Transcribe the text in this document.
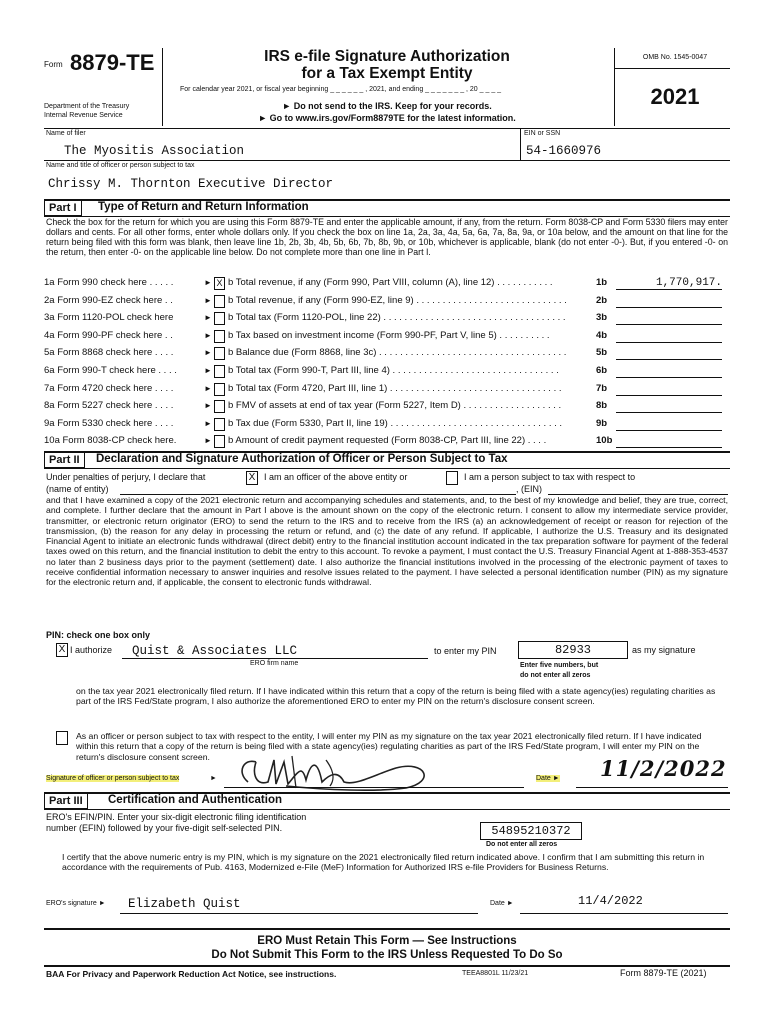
Form 8879-TE
Department of the Treasury
Internal Revenue Service
IRS e-file Signature Authorization
for a Tax Exempt Entity
For calendar year 2021, or fiscal year beginning _ _ _ _ _ _ , 2021, and ending _ _ _ _ _ _ _ , 20 _ _ _ _
► Do not send to the IRS. Keep for your records.
► Go to www.irs.gov/Form8879TE for the latest information.
OMB No. 1545-0047
2021
Name of filer
The Myositis Association
EIN or SSN
54-1660976
Name and title of officer or person subject to tax
Chrissy M. Thornton Executive Director
Part I	Type of Return and Return Information
Check the box for the return for which you are using this Form 8879-TE and enter the applicable amount, if any, from the return. Form 8038-CP and Form 5330 filers may enter dollars and cents. For all other forms, enter whole dollars only. If you check the box on line 1a, 2a, 3a, 4a, 5a, 6a, 7a, 8a, 9a, or 10a below, and the amount on that line for the return being filed with this form was blank, then leave line 1b, 2b, 3b, 4b, 5b, 6b, 7b, 8b, 9b, or 10b, whichever is applicable, blank (do not enter -0-). But, if you entered -0- on the return, then enter -0- on the applicable line below. Do not complete more than one line in Part I.
1a Form 990 check here . . . . .	► X b Total revenue, if any (Form 990, Part VIII, column (A), line 12) . . . . . . . . . . .	1b	1,770,917.
2a Form 990-EZ check here . .	► b Total revenue, if any (Form 990-EZ, line 9) . . . . . . . . . . . . . . . . . . . . . . . . . . . . .	2b
3a Form 1120-POL check here	► b Total tax (Form 1120-POL, line 22) . . . . . . . . . . . . . . . . . . . . . . . . . . . . . . . . . . .	3b
4a Form 990-PF check here . .	► b Tax based on investment income (Form 990-PF, Part V, line 5) . . . . . . . . . .	4b
5a Form 8868 check here . . . .	► b Balance due (Form 8868, line 3c) . . . . . . . . . . . . . . . . . . . . . . . . . . . . . . . . . . . .	5b
6a Form 990-T check here . . . .	► b Total tax (Form 990-T, Part III, line 4) . . . . . . . . . . . . . . . . . . . . . . . . . . . . . . . .	6b
7a Form 4720 check here . . . .	► b Total tax (Form 4720, Part III, line 1) . . . . . . . . . . . . . . . . . . . . . . . . . . . . . . . . .	7b
8a Form 5227 check here . . . .	► b FMV of assets at end of tax year (Form 5227, Item D) . . . . . . . . . . . . . . . . . . .	8b
9a Form 5330 check here . . . .	► b Tax due (Form 5330, Part II, line 19) . . . . . . . . . . . . . . . . . . . . . . . . . . . . . . . . .	9b
10a Form 8038-CP check here.	► b Amount of credit payment requested (Form 8038-CP, Part III, line 22) . . . .	10b
Part II	Declaration and Signature Authorization of Officer or Person Subject to Tax
Under penalties of perjury, I declare that	X I am an officer of the above entity or	I am a person subject to tax with respect to
(name of entity)	, (EIN)
and that I have examined a copy of the 2021 electronic return and accompanying schedules and statements, and, to the best of my knowledge and belief, they are true, correct, and complete. I further declare that the amount in Part I above is the amount shown on the copy of the electronic return. I consent to allow my intermediate service provider, transmitter, or electronic return originator (ERO) to send the return to the IRS and to receive from the IRS (a) an acknowledgement of receipt or reason for rejection of the transmission, (b) the reason for any delay in processing the return or refund, and (c) the date of any refund. If applicable, I authorize the U.S. Treasury and its designated Financial Agent to initiate an electronic funds withdrawal (direct debit) entry to the financial institution account indicated in the tax preparation software for payment of the federal taxes owed on this return, and the financial institution to debit the entry to this account. To revoke a payment, I must contact the U.S. Treasury Financial Agent at 1-888-353-4537 no later than 2 business days prior to the payment (settlement) date. I also authorize the financial institutions involved in the processing of the electronic payment of taxes to receive confidential information necessary to answer inquiries and resolve issues related to the payment. I have selected a personal identification number (PIN) as my signature for the electronic return and, if applicable, the consent to electronic funds withdrawal.
PIN: check one box only
X I authorize Quist & Associates LLC
ERO firm name
to enter my PIN	82933	as my signature
Enter five numbers, but
do not enter all zeros
on the tax year 2021 electronically filed return. If I have indicated within this return that a copy of the return is being filed with a state agency(ies) regulating charities as part of the IRS Fed/State program, I also authorize the aforementioned ERO to enter my PIN on the return's disclosure consent screen.
As an officer or person subject to tax with respect to the entity, I will enter my PIN as my signature on the tax year 2021 electronically filed return. If I have indicated within this return that a copy of the return is being filed with a state agency(ies) regulating charities as part of the IRS Fed/State program, I will enter my PIN on the return's disclosure consent screen.
Signature of officer or person subject to tax	►	Date ► 11/2/2022
Part III	Certification and Authentication
ERO's EFIN/PIN. Enter your six-digit electronic filing identification
number (EFIN) followed by your five-digit self-selected PIN.	54895210372
Do not enter all zeros
I certify that the above numeric entry is my PIN, which is my signature on the 2021 electronically filed return indicated above. I confirm that I am submitting this return in accordance with the requirements of Pub. 4163, Modernized e-File (MeF) Information for Authorized IRS e-file Providers for Business Returns.
ERO's signature ► Elizabeth Quist	Date ►	11/4/2022
ERO Must Retain This Form — See Instructions
Do Not Submit This Form to the IRS Unless Requested To Do So
BAA For Privacy and Paperwork Reduction Act Notice, see instructions.	TEEA8801L 11/23/21	Form 8879-TE (2021)
